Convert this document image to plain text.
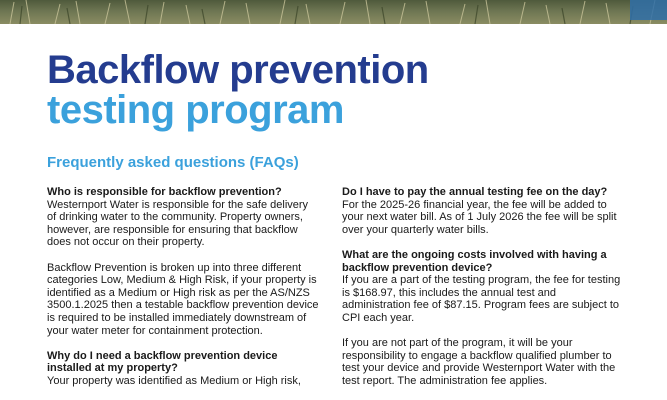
Backflow prevention
testing program
Frequently asked questions (FAQs)

Who is responsible for backflow prevention?

Westernport Water is responsible for the safe delivery of drinking water to the community. Property owners, however, are responsible for ensuring that backflow does not occur on their property.

Backflow Prevention is broken up into three different categories Low, Medium & High Risk, if your property is identified as a Medium or High risk as per the AS/NZS 3500.1.2025 then a testable backflow prevention device is required to be installed immediately downstream of your water meter for containment protection.

Why do I need a backflow prevention device installed at my property?

Your property was identified as Medium or High risk,

Do I have to pay the annual testing fee on the day?

For the 2025-26 financial year, the fee will be added to your next water bill. As of 1 July 2026 the fee will be split over your quarterly water bills.

What are the ongoing costs involved with having a backflow prevention device?

If you are a part of the testing program, the fee for testing is $168.97, this includes the annual test and administration fee of $87.15. Program fees are subject to CPI each year.

If you are not part of the program, it will be your responsibility to engage a backflow qualified plumber to test your device and provide Westernport Water with the test report. The administration fee applies.
